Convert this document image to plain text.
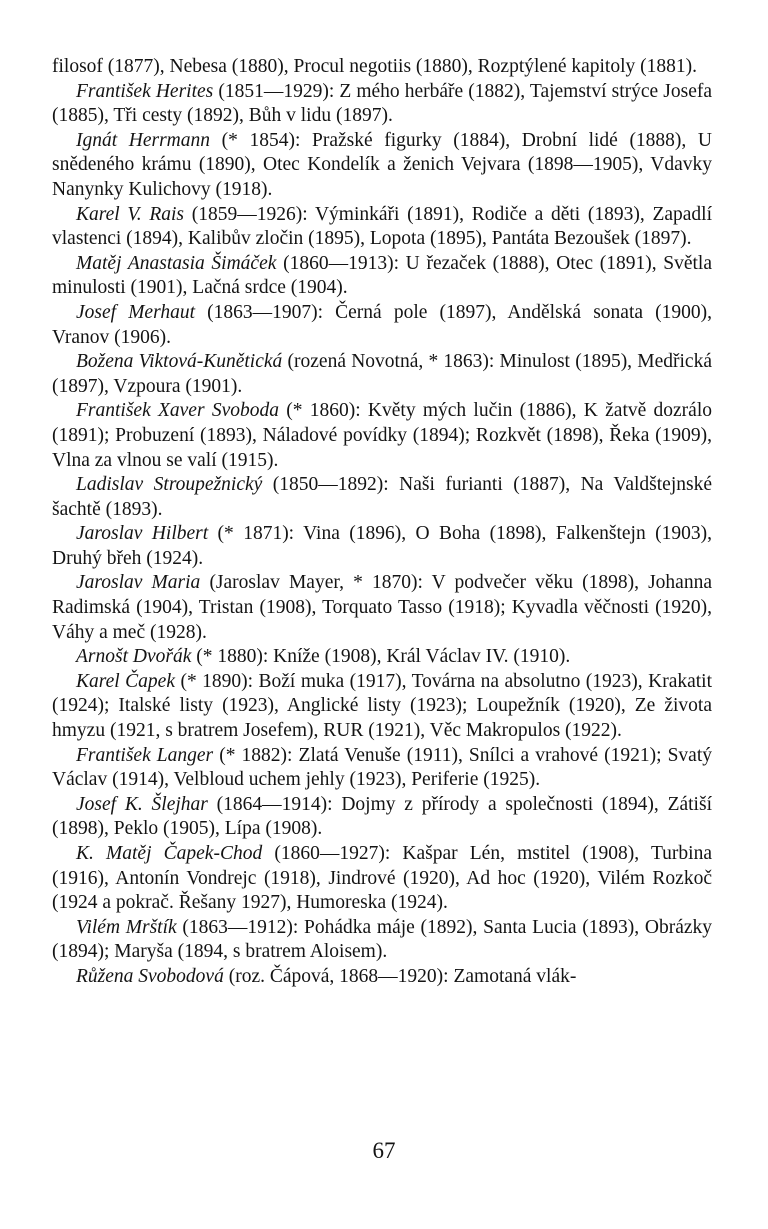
filosof (1877), Nebesa (1880), Procul negotiis (1880), Rozptýlené kapitoly (1881).

František Herites (1851—1929): Z mého herbáře (1882), Tajemství strýce Josefa (1885), Tři cesty (1892), Bůh v lidu (1897).

Ignát Herrmann (* 1854): Pražské figurky (1884), Drobní lidé (1888), U snědeného krámu (1890), Otec Kondelík a ženich Vejvara (1898—1905), Vdavky Nanynky Kulichovy (1918).

Karel V. Rais (1859—1926): Výminkáři (1891), Rodiče a děti (1893), Zapadlí vlastenci (1894), Kalibův zločin (1895), Lopota (1895), Pantáta Bezoušek (1897).

Matěj Anastasia Šimáček (1860—1913): U řezaček (1888), Otec (1891), Světla minulosti (1901), Lačná srdce (1904).

Josef Merhaut (1863—1907): Černá pole (1897), Andělská sonata (1900), Vranov (1906).

Božena Viktová-Kunětická (rozená Novotná, * 1863): Minulost (1895), Medřická (1897), Vzpoura (1901).

František Xaver Svoboda (* 1860): Květy mých lučin (1886), K žatvě dozrálo (1891); Probuzení (1893), Náladové povídky (1894); Rozkvět (1898), Řeka (1909), Vlna za vlnou se valí (1915).

Ladislav Stroupežnický (1850—1892): Naši furianti (1887), Na Valdštejnské šachtě (1893).

Jaroslav Hilbert (* 1871): Vina (1896), O Boha (1898), Falkenštejn (1903), Druhý břeh (1924).

Jaroslav Maria (Jaroslav Mayer, * 1870): V podvečer věku (1898), Johanna Radimská (1904), Tristan (1908), Torquato Tasso (1918); Kyvadla věčnosti (1920), Váhy a meč (1928).

Arnošt Dvořák (* 1880): Kníže (1908), Král Václav IV. (1910).

Karel Čapek (* 1890): Boží muka (1917), Továrna na absolutno (1923), Krakatit (1924); Italské listy (1923), Anglické listy (1923); Loupežník (1920), Ze života hmyzu (1921, s bratrem Josefem), RUR (1921), Věc Makropulos (1922).

František Langer (* 1882): Zlatá Venuše (1911), Snílci a vrahové (1921); Svatý Václav (1914), Velbloud uchem jehly (1923), Periferie (1925).

Josef K. Šlejhar (1864—1914): Dojmy z přírody a společnosti (1894), Zátiší (1898), Peklo (1905), Lípa (1908).

K. Matěj Čapek-Chod (1860—1927): Kašpar Lén, mstitel (1908), Turbina (1916), Antonín Vondrejc (1918), Jindrové (1920), Ad hoc (1920), Vilém Rozkoč (1924 a pokrač. Řešany 1927), Humoreska (1924).

Vilém Mrštík (1863—1912): Pohádka máje (1892), Santa Lucia (1893), Obrázky (1894); Maryša (1894, s bratrem Aloisem).

Růžena Svobodová (roz. Čápová, 1868—1920): Zamotaná vlák-

67
